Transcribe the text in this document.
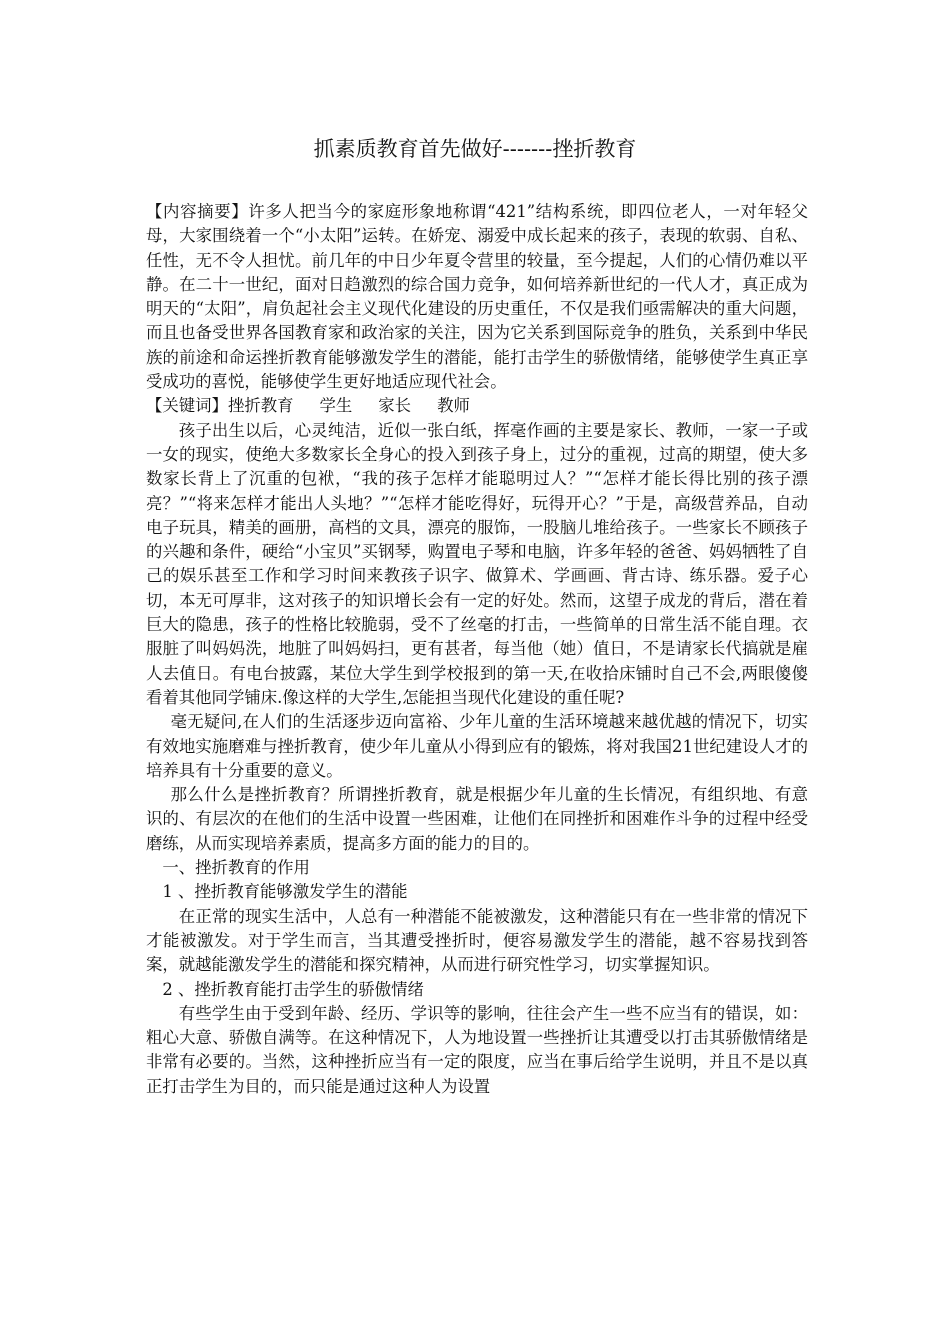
抓素质教育首先做好-------挫折教育

【内容摘要】许多人把当今的家庭形象地称谓“421”结构系统，即四位老人，一对年轻父母，大家围绕着一个“小太阳”运转。在娇宠、溺爱中成长起来的孩子，表现的软弱、自私、任性，无不令人担忧。前几年的中日少年夏令营里的较量，至今提起，人们的心情仍难以平静。在二十一世纪，面对日趋激烈的综合国力竞争，如何培养新世纪的一代人才，真正成为明天的“太阳”，肩负起社会主义现代化建设的历史重任，不仅是我们亟需解决的重大问题，而且也备受世界各国教育家和政治家的关注，因为它关系到国际竞争的胜负，关系到中华民族的前途和命运挫折教育能够激发学生的潜能，能打击学生的骄傲情绪，能够使学生真正享受成功的喜悦，能够使学生更好地适应现代社会。

【关键词】挫折教育 学生 家长 教师

孩子出生以后，心灵纯洁，近似一张白纸，挥毫作画的主要是家长、教师，一家一子或一女的现实，使绝大多数家长全身心的投入到孩子身上，过分的重视，过高的期望，使大多数家长背上了沉重的包袱，“我的孩子怎样才能聪明过人？”“怎样才能长得比别的孩子漂亮？”“将来怎样才能出人头地？”“怎样才能吃得好，玩得开心？”于是，高级营养品，自动电子玩具，精美的画册，高档的文具，漂亮的服饰，一股脑儿堆给孩子。一些家长不顾孩子的兴趣和条件，硬给“小宝贝”买钢琴，购置电子琴和电脑，许多年轻的爸爸、妈妈牺牲了自己的娱乐甚至工作和学习时间来教孩子识字、做算术、学画画、背古诗、练乐器。爱子心切，本无可厚非，这对孩子的知识增长会有一定的好处。然而，这望子成龙的背后，潜在着巨大的隐患，孩子的性格比较脆弱，受不了丝毫的打击，一些简单的日常生活不能自理。衣服脏了叫妈妈洗，地脏了叫妈妈扫，更有甚者，每当他（她）值日，不是请家长代搞就是雇人去值日。有电台披露，某位大学生到学校报到的第一天,在收拾床铺时自己不会,两眼傻傻看着其他同学铺床.像这样的大学生,怎能担当现代化建设的重任呢?

毫无疑问,在人们的生活逐步迈向富裕、少年儿童的生活环境越来越优越的情况下，切实有效地实施磨难与挫折教育，使少年儿童从小得到应有的锻炼，将对我国21世纪建设人才的培养具有十分重要的意义。

那么什么是挫折教育？所谓挫折教育，就是根据少年儿童的生长情况，有组织地、有意识的、有层次的在他们的生活中设置一些困难，让他们在同挫折和困难作斗争的过程中经受磨练，从而实现培养素质，提高多方面的能力的目的。

一、挫折教育的作用

1 、挫折教育能够激发学生的潜能

在正常的现实生活中，人总有一种潜能不能被激发，这种潜能只有在一些非常的情况下才能被激发。对于学生而言，当其遭受挫折时，便容易激发学生的潜能，越不容易找到答案，就越能激发学生的潜能和探究精神，从而进行研究性学习，切实掌握知识。

2 、挫折教育能打击学生的骄傲情绪

有些学生由于受到年龄、经历、学识等的影响，往往会产生一些不应当有的错误，如：粗心大意、骄傲自满等。在这种情况下，人为地设置一些挫折让其遭受以打击其骄傲情绪是非常有必要的。当然，这种挫折应当有一定的限度，应当在事后给学生说明，并且不是以真正打击学生为目的，而只能是通过这种人为设置
